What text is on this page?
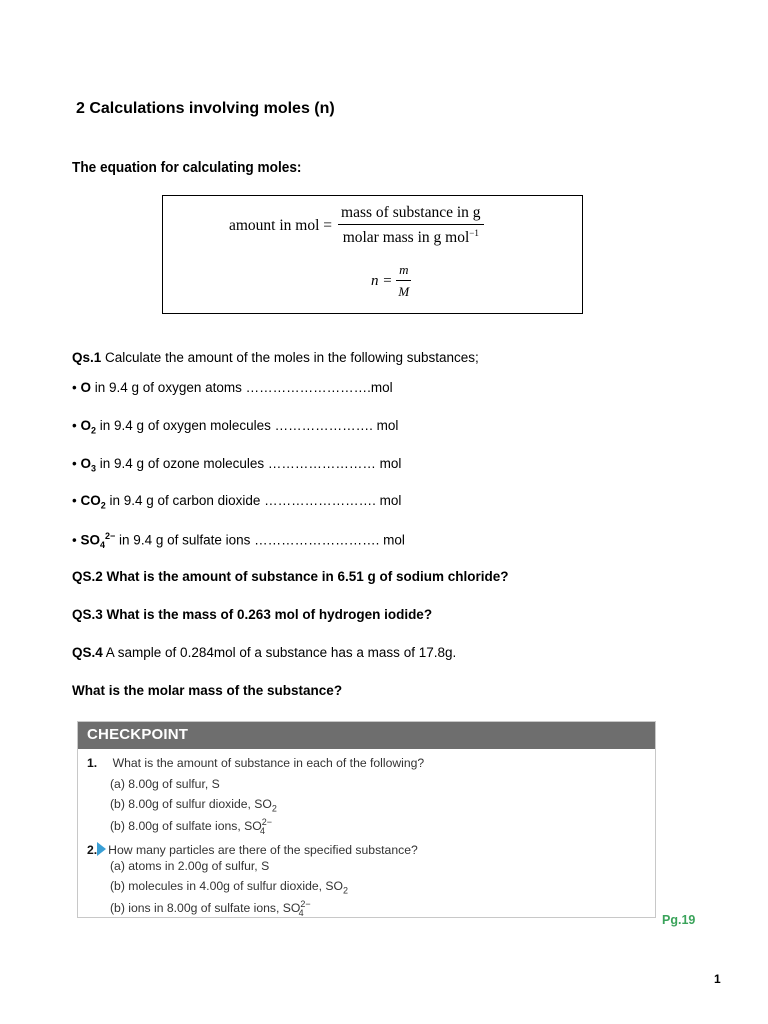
2 Calculations involving moles (n)
The equation for calculating moles:
amount in mol = $\frac{\text{mass of substance in g}}{molar mass in g mol^{-1}}$
$n = \frac{m}{M}$
Qs.1 Calculate the amount of the moles in the following substances;
• O in 9.4 g of oxygen atoms ……………………….mol
• $O_2$ in 9.4 g of oxygen molecules …………………. mol
• $O_3$ in 9.4 g of ozone molecules …………………… mol
• $CO_2$ in 9.4 g of carbon dioxide ……………………. mol
• $SO_4^{2-}$ in 9.4 g of sulfate ions ………………………. mol
QS.2 What is the amount of substance in 6.51 g of sodium chloride?
QS.3 What is the mass of 0.263 mol of hydrogen iodide?
QS.4 A sample of 0.284mol of a substance has a mass of 17.8g.
What is the molar mass of the substance?
CHECKPOINT
1. What is the amount of substance in each of the following?
(a) 8.00g of sulfur, S
(b) 8.00g of sulfur dioxide, $SO_2$
(b) 8.00g of sulfate ions, $SO^{2-}_4$
2. How many particles are there of the specified substance?
(a) atoms in 2.00g of sulfur, S
(b) molecules in 4.00g of sulfur dioxide, $SO_2$
(b) ions in 8.00g of sulfate ions, $SO^{2-}_4$
Pg.19
1
